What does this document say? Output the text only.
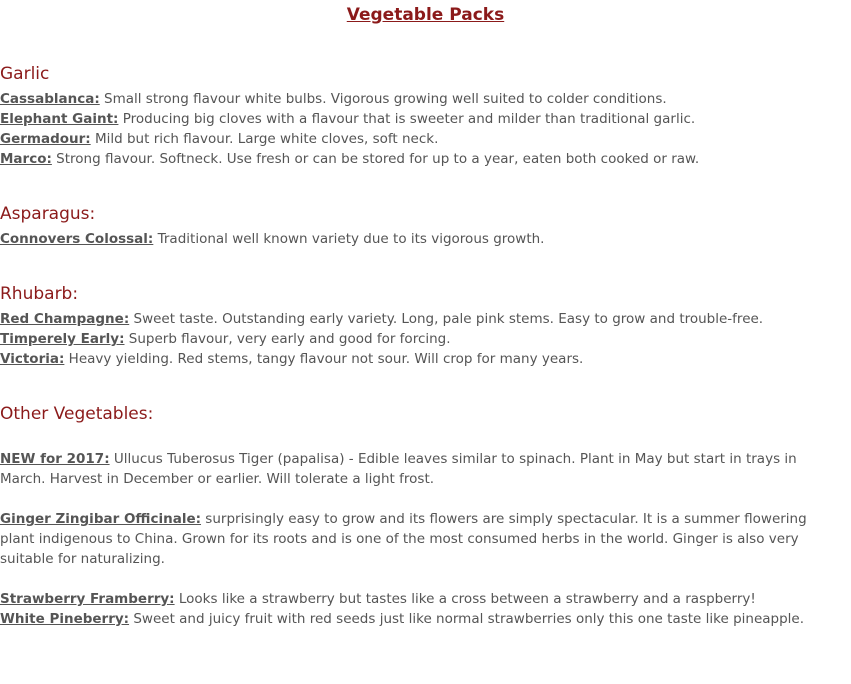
Vegetable Packs
Garlic

Cassablanca: Small strong flavour white bulbs. Vigorous growing well suited to colder conditions.

Elephant Gaint: Producing big cloves with a flavour that is sweeter and milder than traditional garlic.

Germadour: Mild but rich flavour. Large white cloves, soft neck.

Marco: Strong flavour. Softneck. Use fresh or can be stored for up to a year, eaten both cooked or raw.

Asparagus:

Connovers Colossal: Traditional well known variety due to its vigorous growth.

Rhubarb:

Red Champagne: Sweet taste. Outstanding early variety. Long, pale pink stems. Easy to grow and trouble-free.

Timperely Early: Superb flavour, very early and good for forcing.

Victoria: Heavy yielding. Red stems, tangy flavour not sour. Will crop for many years.

Other Vegetables:

NEW for 2017: Ullucus Tuberosus Tiger (papalisa) - Edible leaves similar to spinach. Plant in May but start in trays in March. Harvest in December or earlier. Will tolerate a light frost.

Ginger Zingibar Officinale: surprisingly easy to grow and its flowers are simply spectacular. It is a summer flowering plant indigenous to China. Grown for its roots and is one of the most consumed herbs in the world. Ginger is also very suitable for naturalizing.

Strawberry Framberry: Looks like a strawberry but tastes like a cross between a strawberry and a raspberry!

White Pineberry: Sweet and juicy fruit with red seeds just like normal strawberries only this one taste like pineapple.
